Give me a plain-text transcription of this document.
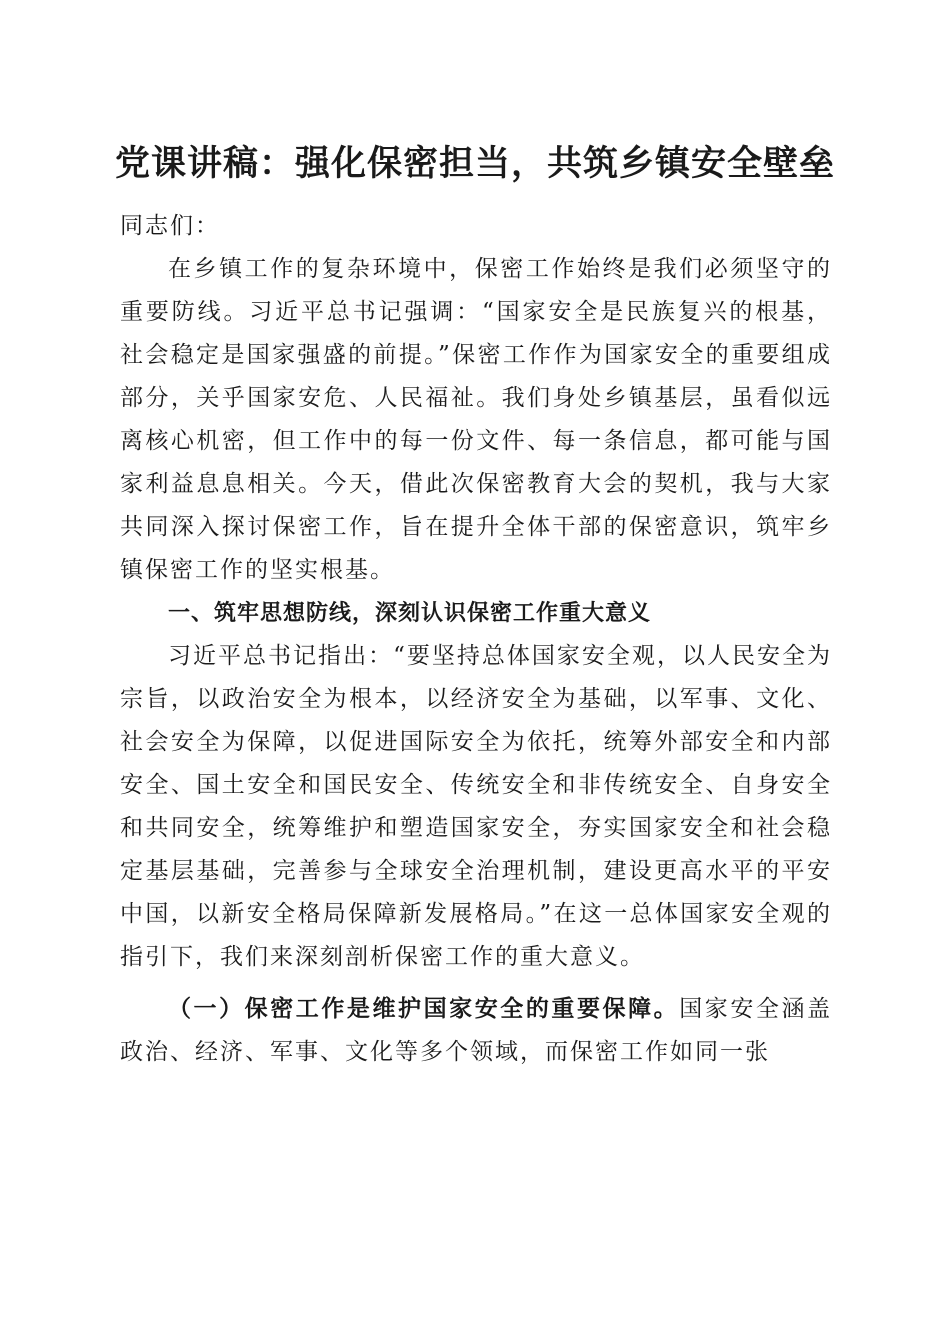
党课讲稿：强化保密担当，共筑乡镇安全壁垒

同志们：

在乡镇工作的复杂环境中，保密工作始终是我们必须坚守的重要防线。习近平总书记强调：“国家安全是民族复兴的根基，社会稳定是国家强盛的前提。”保密工作作为国家安全的重要组成部分，关乎国家安危、人民福祉。我们身处乡镇基层，虽看似远离核心机密，但工作中的每一份文件、每一条信息，都可能与国家利益息息相关。今天，借此次保密教育大会的契机，我与大家共同深入探讨保密工作，旨在提升全体干部的保密意识，筑牢乡镇保密工作的坚实根基。

一、筑牢思想防线，深刻认识保密工作重大意义

习近平总书记指出：“要坚持总体国家安全观，以人民安全为宗旨，以政治安全为根本，以经济安全为基础，以军事、文化、社会安全为保障，以促进国际安全为依托，统筹外部安全和内部安全、国土安全和国民安全、传统安全和非传统安全、自身安全和共同安全，统筹维护和塑造国家安全，夯实国家安全和社会稳定基层基础，完善参与全球安全治理机制，建设更高水平的平安中国，以新安全格局保障新发展格局。”在这一总体国家安全观的指引下，我们来深刻剖析保密工作的重大意义。

（一）保密工作是维护国家安全的重要保障。国家安全涵盖政治、经济、军事、文化等多个领域，而保密工作如同一张
